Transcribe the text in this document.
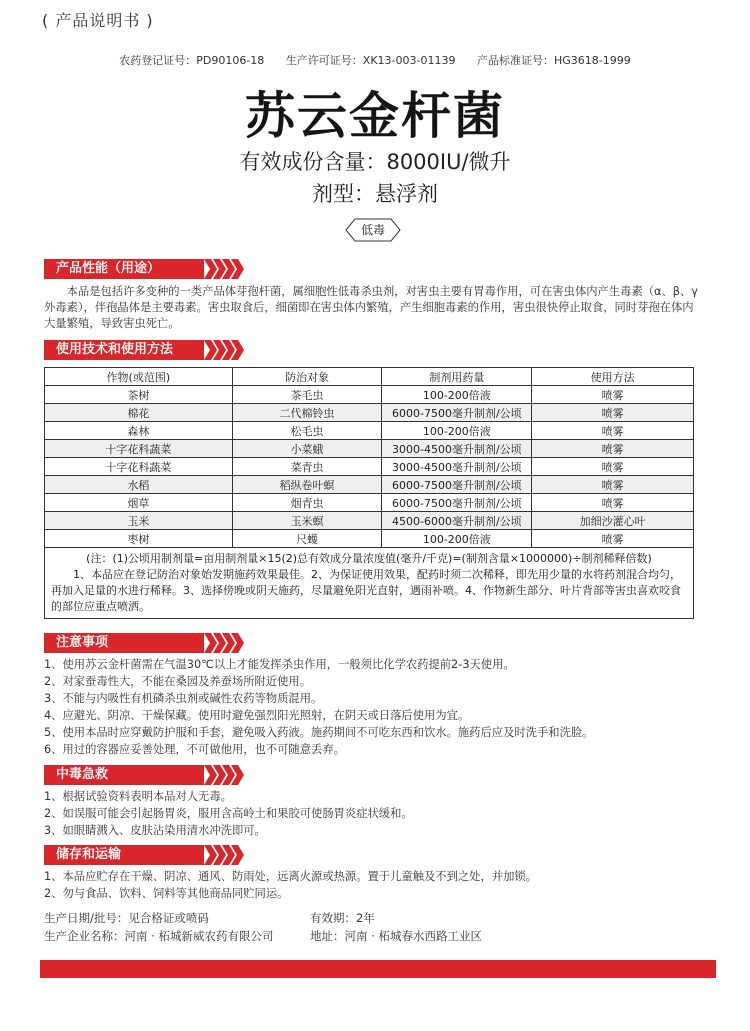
( 产品说明书 )
农药登记证号：PD90106-18 生产许可证号：XK13-003-01139 产品标准证号：HG3618-1999
苏云金杆菌
有效成份含量：8000IU/微升
剂型：悬浮剂
低毒
产品性能（用途）

本品是包括许多变种的一类产品体芽孢杆菌，属细胞性低毒杀虫剂，对害虫主要有胃毒作用，可在害虫体内产生毒素（α、β、γ外毒素），伴孢晶体是主要毒素。害虫取食后，细菌即在害虫体内繁殖，产生细胞毒素的作用，害虫很快停止取食，同时芽孢在体内大量繁殖，导致害虫死亡。

使用技术和使用方法
作物(或范围)	防治对象	制剂用药量	使用方法
茶树	茶毛虫	100-200倍液	喷雾
棉花	二代棉铃虫	6000-7500毫升制剂/公顷	喷雾
森林	松毛虫	100-200倍液	喷雾
十字花科蔬菜	小菜蛾	3000-4500毫升制剂/公顷	喷雾
十字花科蔬菜	菜青虫	3000-4500毫升制剂/公顷	喷雾
水稻	稻纵卷叶螟	6000-7500毫升制剂/公顷	喷雾
烟草	烟青虫	6000-7500毫升制剂/公顷	喷雾
玉米	玉米螟	4500-6000毫升制剂/公顷	加细沙灌心叶
枣树	尺蠖	100-200倍液	喷雾

(注：(1)公顷用制剂量=亩用制剂量×15(2)总有效成分量浓度值(毫升/千克)=(制剂含量×1000000)÷制剂稀释倍数)
1、本品应在登记防治对象始发期施药效果最佳。2、为保证使用效果，配药时须二次稀释，即先用少量的水将药剂混合均匀，再加入足量的水进行稀释。3、选择傍晚或阴天施药，尽量避免阳光直射，遇雨补喷。4、作物新生部分、叶片背部等害虫喜欢咬食的部位应重点喷洒。			
注意事项
1、使用苏云金杆菌需在气温30℃以上才能发挥杀虫作用，一般须比化学农药提前2-3天使用。
2、对家蚕毒性大，不能在桑园及养蚕场所附近使用。
3、不能与内吸性有机磷杀虫剂或碱性农药等物质混用。
4、应避光、阴凉、干燥保藏。使用时避免强烈阳光照射，在阴天或日落后使用为宜。
5、使用本品时应穿戴防护服和手套，避免吸入药液。施药期间不可吃东西和饮水。施药后应及时洗手和洗脸。
6、用过的容器应妥善处理，不可做他用，也不可随意丢弃。
中毒急救
1、根据试验资料表明本品对人无毒。
2、如误服可能会引起肠胃炎，服用含高岭土和果胶可使肠胃炎症状缓和。
3、如眼睛溅入、皮肤沾染用清水冲洗即可。
储存和运输
1、本品应贮存在干燥、阴凉、通风、防雨处，远离火源或热源。置于儿童触及不到之处，并加锁。
2、勿与食品、饮料、饲料等其他商品同贮同运。
生产日期/批号：见合格证或喷码
生产企业名称：河南 · 柘城新威农药有限公司
有效期：2年
地址：河南 · 柘城春水西路工业区
